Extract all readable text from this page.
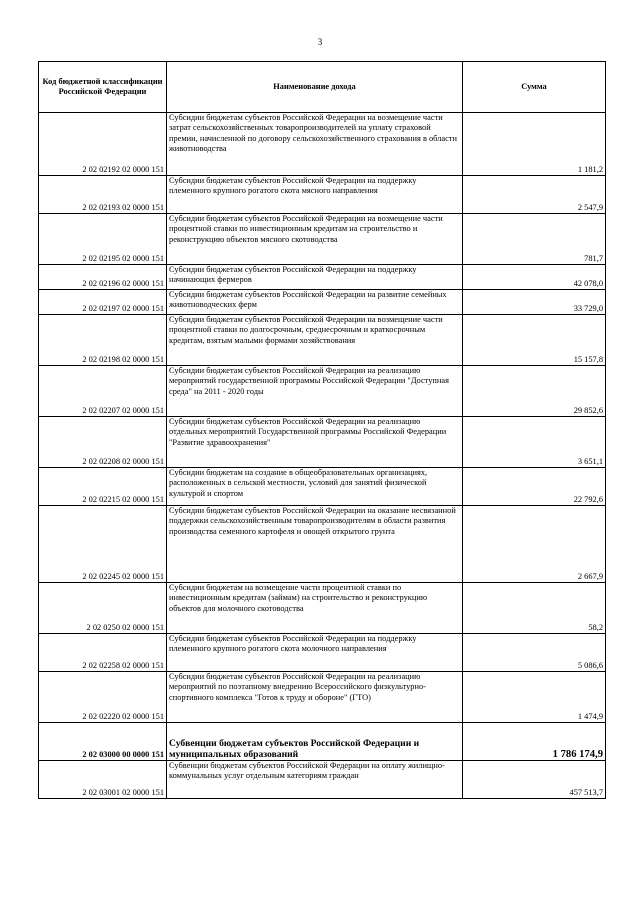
3
Код бюджетной классификации Российской Федерации	Наименование дохода	Сумма
2 02 02192 02 0000 151	Субсидии бюджетам субъектов Российской Федерации на возмещение части затрат сельскохозяйственных товаропроизводителей на уплату страховой премии, начисленной по договору сельскохозяйственного страхования в области животноводства	1 181,2
2 02 02193 02 0000 151	Субсидии бюджетам субъектов Российской Федерации на поддержку племенного крупного рогатого скота мясного направления	2 547,9
2 02 02195 02 0000 151	Субсидии бюджетам субъектов Российской Федерации на возмещение части процентной ставки по инвестиционным кредитам на строительство и реконструкцию объектов мясного скотоводства	781,7
2 02 02196 02 0000 151	Субсидии бюджетам субъектов Российской Федерации на поддержку начинающих фермеров	42 078,0
2 02 02197 02 0000 151	Субсидии бюджетам субъектов Российской Федерации на развитие семейных животноводческих ферм	33 729,0
2 02 02198 02 0000 151	Субсидии бюджетам субъектов Российской Федерации на возмещение части процентной ставки по долгосрочным, среднесрочным и краткосрочным кредитам, взятым малыми формами хозяйствования	15 157,8
2 02 02207 02 0000 151	Субсидии бюджетам субъектов Российской Федерации на реализацию мероприятий государственной программы Российской Федерации "Доступная среда" на 2011 - 2020 годы	29 852,6
2 02 02208 02 0000 151	Субсидии бюджетам субъектов Российской Федерации на реализацию отдельных мероприятий Государственной программы Российской Федерации "Развитие здравоохранения"	3 651,1
2 02 02215 02 0000 151	Субсидии бюджетам на создание в общеобразовательных организациях, расположенных в сельской местности, условий для занятий физической культурой и спортом	22 792,6
2 02 02245 02 0000 151	Субсидии бюджетам субъектов Российской Федерации на оказание несвязанной поддержки сельскохозяйственным товаропроизводителям в области развития производства семенного картофеля и овощей открытого грунта	2 667,9
2 02 0250 02 0000 151	Субсидии бюджетам на возмещение части процентной ставки по инвестиционным кредитам (займам) на строительство и реконструкцию объектов для молочного скотоводства	58,2
2 02 02258 02 0000 151	Субсидии бюджетам субъектов Российской Федерации на поддержку племенного крупного рогатого скота молочного направления	5 086,6
2 02 02220 02 0000 151	Субсидии бюджетам субъектов Российской Федерации на реализацию мероприятий по поэтапному внедрению Всероссийского физкультурно-спортивного комплекса "Готов к труду и обороне" (ГТО)	1 474,9
2 02 03000 00 0000 151	Субвенции бюджетам субъектов Российской Федерации и муниципальных образований	1 786 174,9
2 02 03001 02 0000 151	Субвенции бюджетам субъектов Российской Федерации на оплату жилищно-коммунальных услуг отдельным категориям граждан	457 513,7
